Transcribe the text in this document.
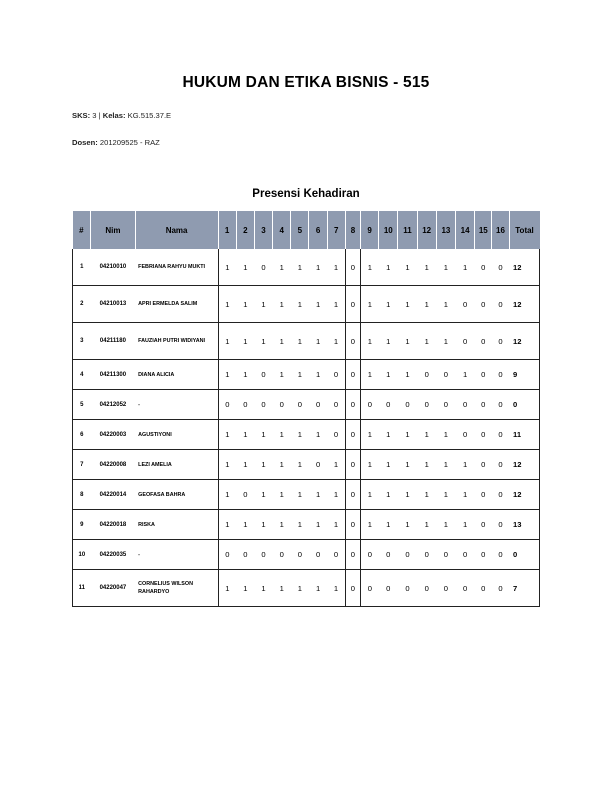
HUKUM DAN ETIKA BISNIS - 515
SKS: 3 | Kelas: KG.515.37.E
Dosen: 201209525 - RAZ
Presensi Kehadiran
#	Nim	Nama	1	2	3	4	5	6	7	8	9	10	11	12	13	14	15	16	Total
1	04210010	FEBRIANA RAHYU MUKTI	1	1	0	1	1	1	1	0	1	1	1	1	1	1	0	0	12
2	04210013	APRI ERMELDA SALIM	1	1	1	1	1	1	1	0	1	1	1	1	1	0	0	0	12
3	04211180	FAUZIAH PUTRI WIDIYANI	1	1	1	1	1	1	1	0	1	1	1	1	1	0	0	0	12
4	04211300	DIANA ALICIA	1	1	0	1	1	1	0	0	1	1	1	0	0	1	0	0	9
5	04212052	-	0	0	0	0	0	0	0	0	0	0	0	0	0	0	0	0	0
6	04220003	AGUSTIYONI	1	1	1	1	1	1	0	0	1	1	1	1	1	0	0	0	11
7	04220008	LEZI AMELIA	1	1	1	1	1	0	1	0	1	1	1	1	1	1	0	0	12
8	04220014	GEOFASA BAHRA	1	0	1	1	1	1	1	0	1	1	1	1	1	1	0	0	12
9	04220018	RISKA	1	1	1	1	1	1	1	0	1	1	1	1	1	1	0	0	13
10	04220035	-	0	0	0	0	0	0	0	0	0	0	0	0	0	0	0	0	0
11	04220047	CORNELIUS WILSON RAHARDYO	1	1	1	1	1	1	1	0	0	0	0	0	0	0	0	0	7
